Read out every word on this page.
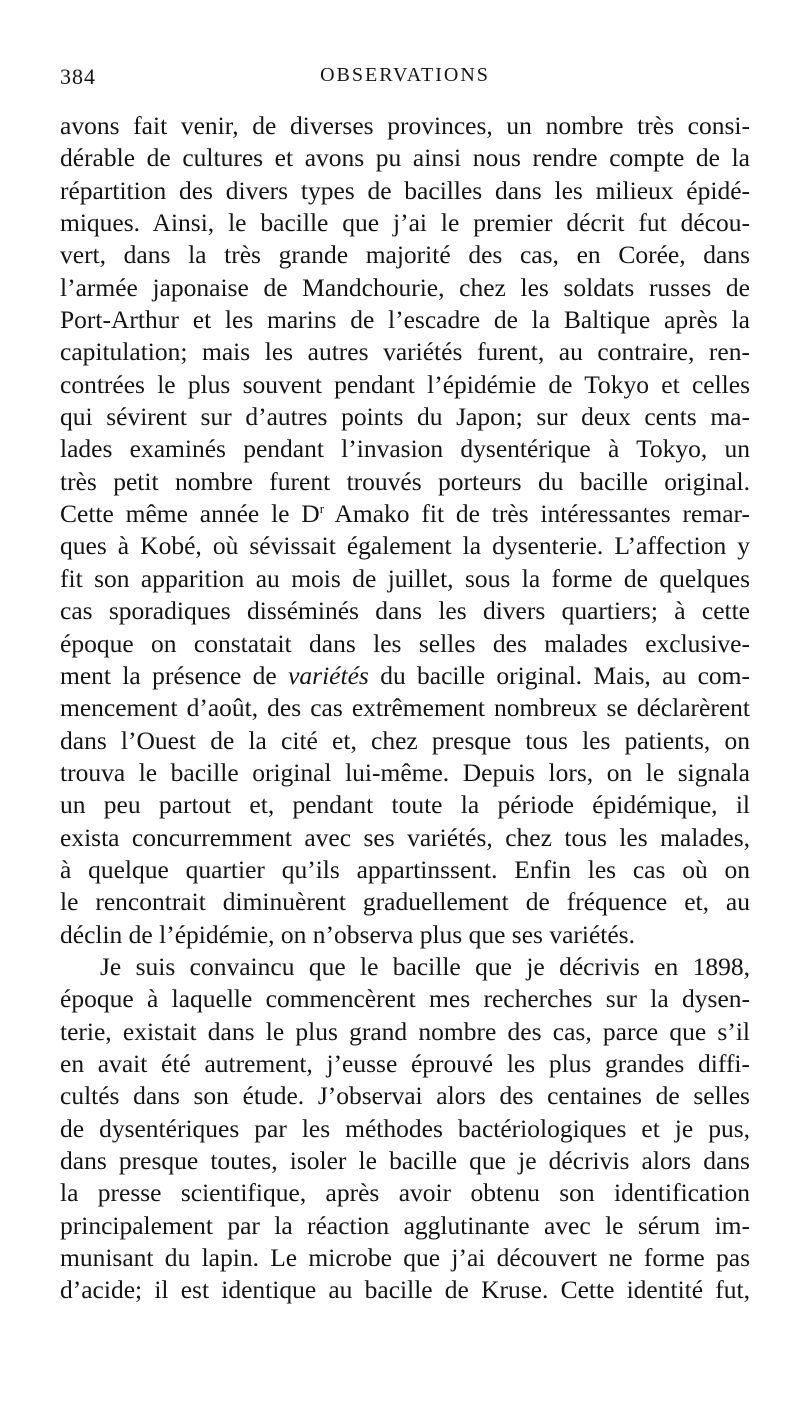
384	OBSERVATIONS
avons fait venir, de diverses provinces, un nombre très consi-
dérable de cultures et avons pu ainsi nous rendre compte de la
répartition des divers types de bacilles dans les milieux épidé-
miques. Ainsi, le bacille que j’ai le premier décrit fut décou-
vert, dans la très grande majorité des cas, en Corée, dans
l’armée japonaise de Mandchourie, chez les soldats russes de
Port-Arthur et les marins de l’escadre de la Baltique après la
capitulation; mais les autres variétés furent, au contraire, ren-
contrées le plus souvent pendant l’épidémie de Tokyo et celles
qui sévirent sur d’autres points du Japon; sur deux cents ma-
lades examinés pendant l’invasion dysentérique à Tokyo, un
très petit nombre furent trouvés porteurs du bacille original.
Cette même année le $D^r$ Amako fit de très intéressantes remar-
ques à Kobé, où sévissait également la dysenterie. L’affection y
fit son apparition au mois de juillet, sous la forme de quelques
cas sporadiques disséminés dans les divers quartiers; à cette
époque on constatait dans les selles des malades exclusive-
ment la présence de variétés du bacille original. Mais, au com-
mencement d’août, des cas extrêmement nombreux se déclarèrent
dans l’Ouest de la cité et, chez presque tous les patients, on
trouva le bacille original lui-même. Depuis lors, on le signala
un peu partout et, pendant toute la période épidémique, il
exista concurremment avec ses variétés, chez tous les malades,
à quelque quartier qu’ils appartinssent. Enfin les cas où on
le rencontrait diminuèrent graduellement de fréquence et, au
déclin de l’épidémie, on n’observa plus que ses variétés.
Je suis convaincu que le bacille que je décrivis en 1898,
époque à laquelle commencèrent mes recherches sur la dysen-
terie, existait dans le plus grand nombre des cas, parce que s’il
en avait été autrement, j’eusse éprouvé les plus grandes diffi-
cultés dans son étude. J’observai alors des centaines de selles
de dysentériques par les méthodes bactériologiques et je pus,
dans presque toutes, isoler le bacille que je décrivis alors dans
la presse scientifique, après avoir obtenu son identification
principalement par la réaction agglutinante avec le sérum im-
munisant du lapin. Le microbe que j’ai découvert ne forme pas
d’acide; il est identique au bacille de Kruse. Cette identité fut,
